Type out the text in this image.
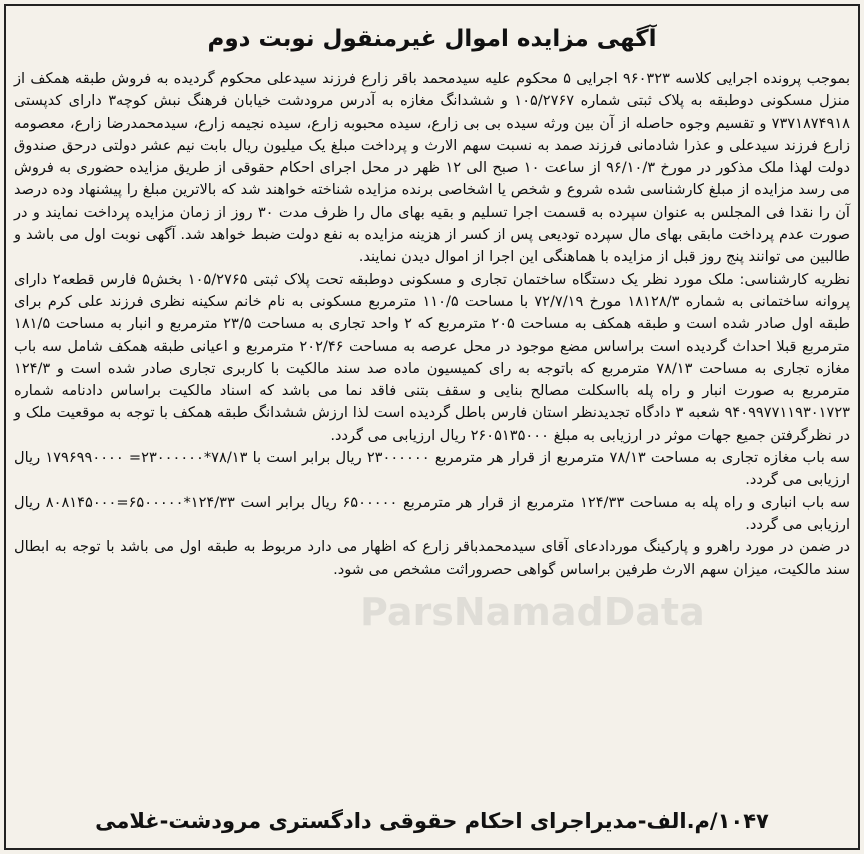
آگهی مزایده اموال غیرمنقول نوبت دوم

بموجب پرونده اجرایی کلاسه ۹۶۰۳۲۳ اجرایی ۵ محکوم علیه سیدمحمد باقر زارع فرزند سیدعلی محکوم گردیده به فروش طبقه همکف از منزل مسکونی دوطبقه به پلاک ثبتی شماره ۱۰۵/۲۷۶۷ و ششدانگ مغازه به آدرس مرودشت خیابان فرهنگ نبش کوچه۳ دارای کدپستی ۷۳۷۱۸۷۴۹۱۸ و تقسیم وجوه حاصله از آن بین ورثه سیده بی بی زارع، سیده محبوبه زارع، سیده نجیمه زارع، سیدمحمدرضا زارع، معصومه زارع فرزند سیدعلی و عذرا شادمانی فرزند صمد به نسبت سهم الارث و پرداخت مبلغ یک میلیون ریال بابت نیم عشر دولتی درحق صندوق دولت لهذا ملک مذکور در مورخ ۹۶/۱۰/۳ از ساعت ۱۰ صبح الی ۱۲ ظهر در محل اجرای احکام حقوقی از طریق مزایده حضوری به فروش می رسد مزایده از مبلغ کارشناسی شده شروع و شخص یا اشخاصی برنده مزایده شناخته خواهند شد که بالاترین مبلغ را پیشنهاد وده درصد آن را نقدا فی المجلس به عنوان سپرده به قسمت اجرا تسلیم و بقیه بهای مال را ظرف مدت ۳۰ روز از زمان مزایده پرداخت نمایند و در صورت عدم پرداخت مابقی بهای مال سپرده تودیعی پس از کسر از هزینه مزایده به نفع دولت ضبط خواهد شد. آگهی نوبت اول می باشد و طالبین می توانند پنج روز قبل از مزایده با هماهنگی این اجرا از اموال دیدن نمایند.

نظریه کارشناسی: ملک مورد نظر یک دستگاه ساختمان تجاری و مسکونی دوطبقه تحت پلاک ثبتی ۱۰۵/۲۷۶۵ بخش۵ فارس قطعه۲ دارای پروانه ساختمانی به شماره ۱۸۱۲۸/۳ مورخ ۷۲/۷/۱۹ با مساحت ۱۱۰/۵ مترمربع مسکونی به نام خانم سکینه نظری فرزند علی کرم برای طبقه اول صادر شده است و طبقه همکف به مساحت ۲۰۵ مترمربع که ۲ واحد تجاری به مساحت ۲۳/۵ مترمربع و انبار به مساحت ۱۸۱/۵ مترمربع قبلا احداث گردیده است براساس مضع موجود در محل عرصه به مساحت ۲۰۲/۴۶ مترمربع و اعیانی طبقه همکف شامل سه باب مغازه تجاری به مساحت ۷۸/۱۳ مترمربع که باتوجه به رای کمیسیون ماده صد سند مالکیت با کاربری تجاری صادر شده است و ۱۲۴/۳ مترمربع به صورت انبار و راه پله بااسکلت مصالح بنایی و سقف بتنی فاقد نما می باشد که اسناد مالکیت براساس دادنامه شماره ۹۴۰۹۹۷۷۱۱۹۳۰۱۷۲۳ شعبه ۳ دادگاه تجدیدنظر استان فارس باطل گردیده است لذا ارزش ششدانگ طبقه همکف با توجه به موقعیت ملک و در نظرگرفتن جمیع جهات موثر در ارزیابی به مبلغ ۲۶۰۵۱۳۵۰۰۰ ریال ارزیابی می گردد.

سه باب مغازه تجاری به مساحت ۷۸/۱۳ مترمربع از قرار هر مترمربع ۲۳۰۰۰۰۰۰ ریال برابر است با ۷۸/۱۳*۲۳۰۰۰۰۰۰= ۱۷۹۶۹۹۰۰۰۰ ریال ارزیابی می گردد.

سه باب انباری و راه پله به مساحت ۱۲۴/۳۳ مترمربع از قرار هر مترمربع ۶۵۰۰۰۰۰ ریال برابر است ۱۲۴/۳۳*۶۵۰۰۰۰۰=۸۰۸۱۴۵۰۰۰ ریال ارزیابی می گردد.

در ضمن در مورد راهرو و پارکینگ موردادعای آقای سیدمحمدباقر زارع که اظهار می دارد مربوط به طبقه اول می باشد با توجه به ابطال سند مالکیت، میزان سهم الارث طرفین براساس گواهی حصروراثت مشخص می شود.

ParsNamadData
۱۰۴۷/م.الف-مدیراجرای احکام حقوقی دادگستری مرودشت-غلامی
